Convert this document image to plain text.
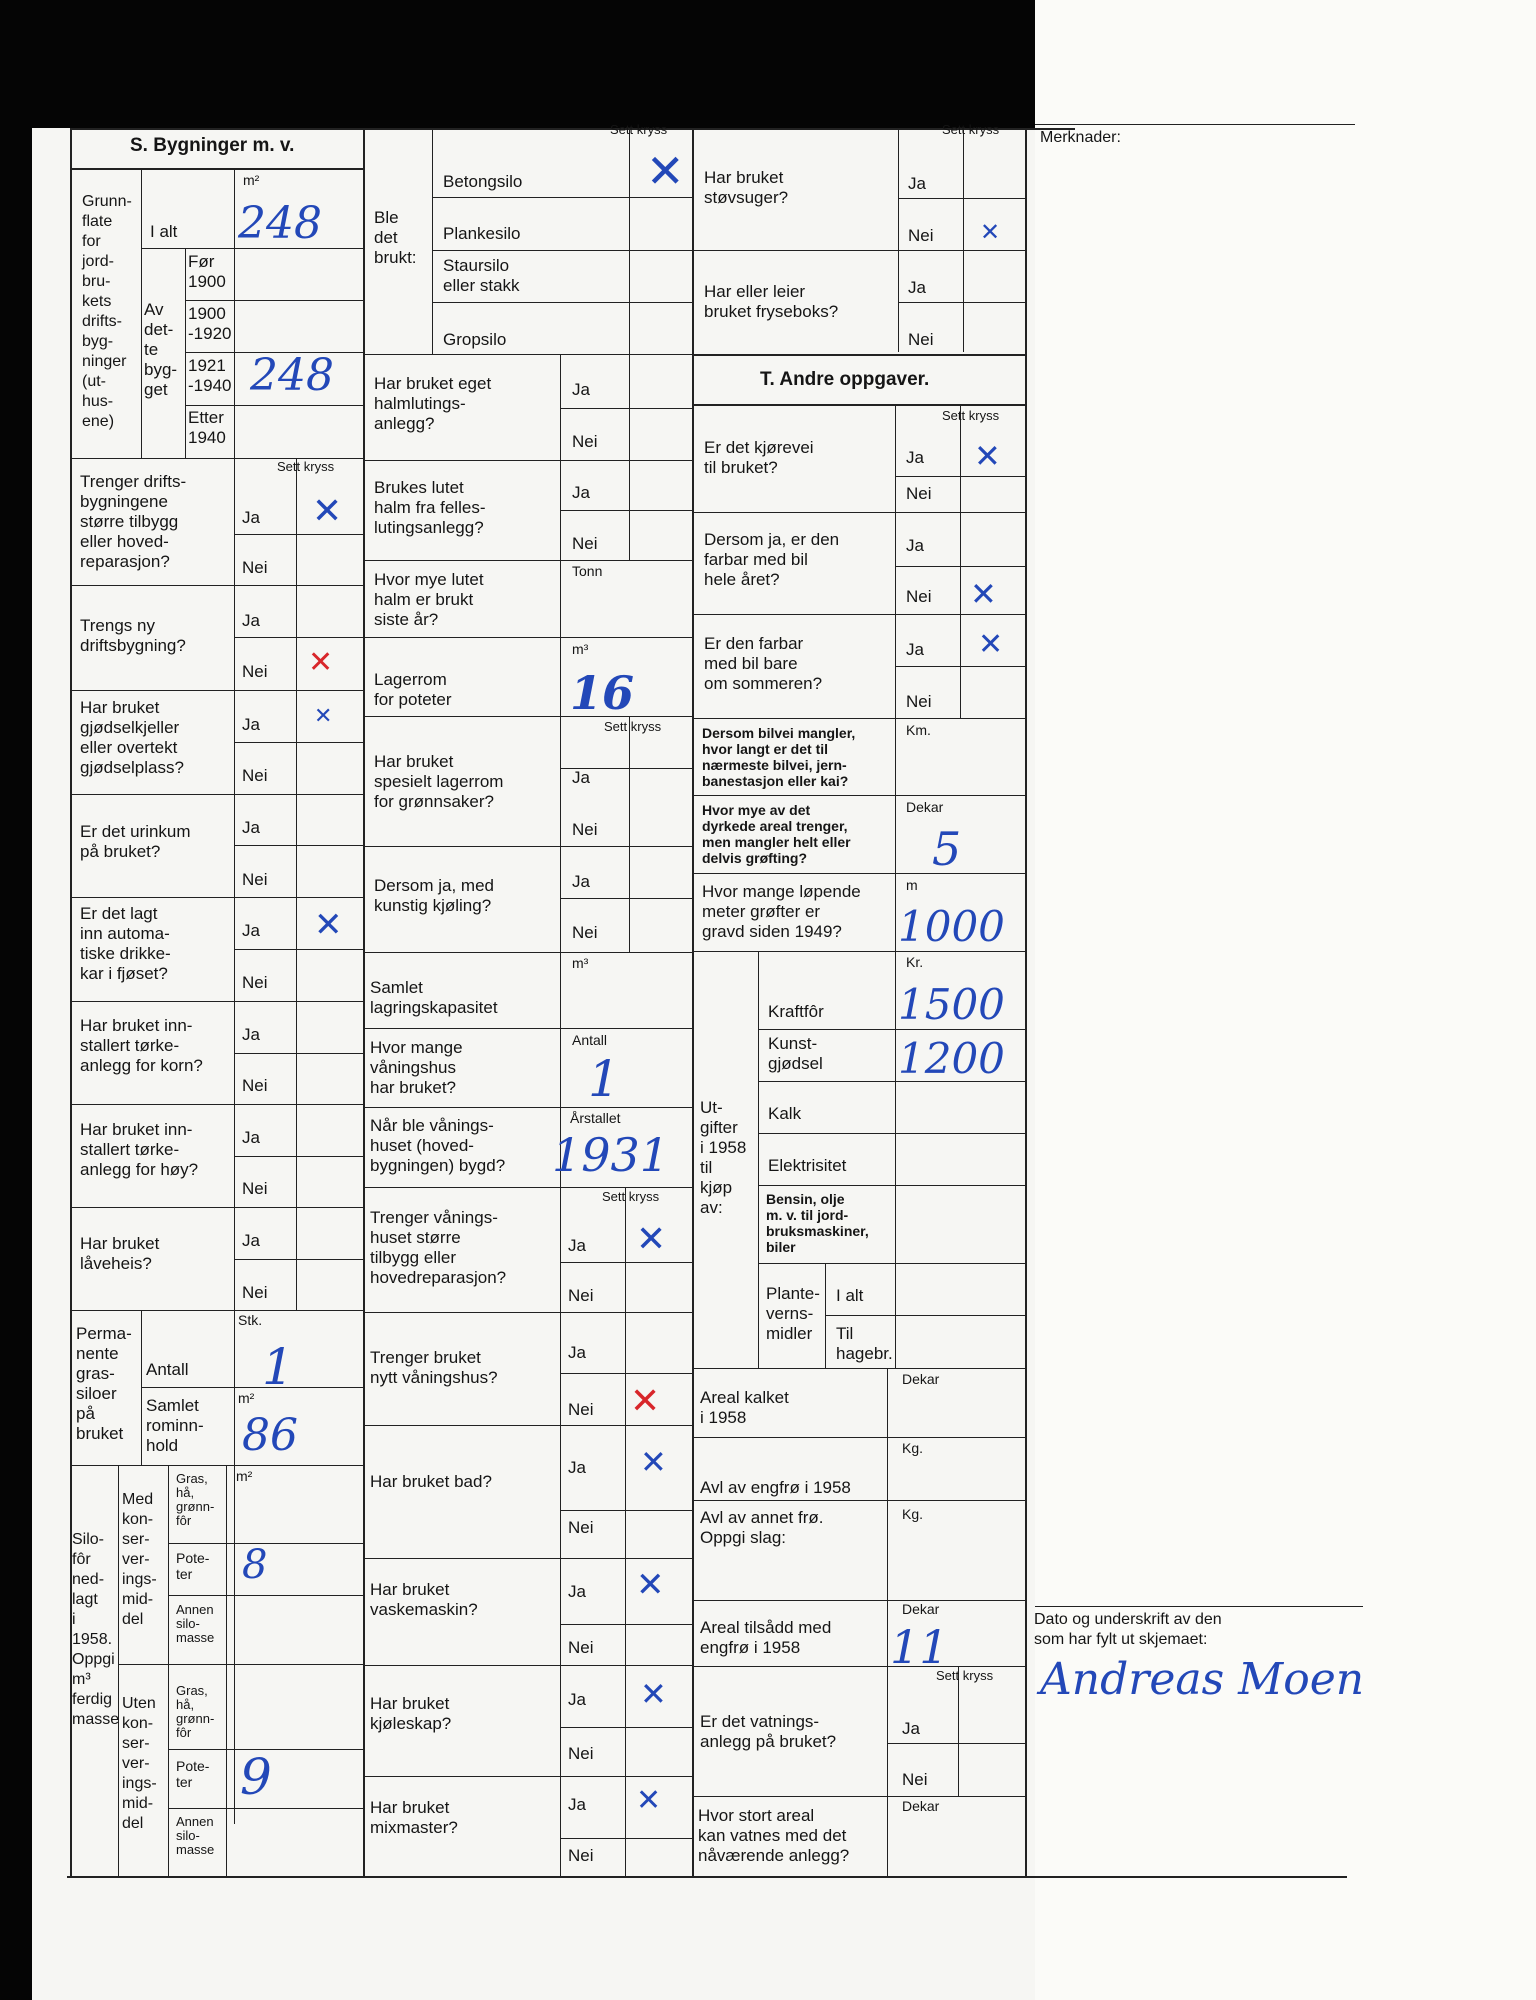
S. Bygninger m. v.
Grunn-
flate
for
jord-
bru-
kets
drifts-
byg-
ninger
(ut-
hus-
ene)
m²
I alt 248
Av
det-
te
byg-
get
Før
1900
1900
-1920
1921
-1940 248
Etter
1940
Sett kryss
Trenger drifts-
bygningene
større tilbygg
eller hoved-
reparasjon?
Ja
Nei
Trengs ny
driftsbygning?
Ja
Nei
Har bruket
gjødselkjeller
eller overtekt
gjødselplass?
Ja
Nei
Er det urinkum
på bruket?
Ja
Nei
Er det lagt
inn automa-
tiske drikke-
kar i fjøset?
Ja
Nei
Har bruket inn-
stallert tørke-
anlegg for korn?
Ja
Nei
Har bruket inn-
stallert tørke-
anlegg for høy?
Ja
Nei
Har bruket
låveheis?
Ja
Nei
Perma-
nente
gras-
siloer
på
bruket
Antall
Stk.
1
Samlet
rominn-
hold
m²
86
Silo-
fôr
ned-
lagt
i
1958.
Oppgi
m³
ferdig
masse
Med
kon-
ser-
ver-
ings-
mid-
del
Uten
kon-
ser-
ver-
ings-
mid-
del
Gras,
hå,
grønn-
fôr
Pote-
ter
Annen
silo-
masse
m²
8
Gras,
hå,
grønn-
fôr
Pote-
ter
Annen
silo-
masse
9
Sett kryss
Ble
det
brukt:
Betongsilo
Plankesilo
Staursilo
eller stakk
Gropsilo
Har bruket eget
halmlutings-
anlegg?
Ja
Nei
Brukes lutet
halm fra felles-
lutingsanlegg?
Ja
Nei
Hvor mye lutet
halm er brukt
siste år?
Tonn
Lagerrom
for poteter
m³
16
Sett kryss
Har bruket
spesielt lagerrom
for grønnsaker?
Ja
Nei
Dersom ja, med
kunstig kjøling?
Ja
Nei
Samlet
lagringskapasitet
m³
Hvor mange
våningshus
har bruket?
Antall
1
Når ble vånings-
huset (hoved-
bygningen) bygd?
Årstallet
1931
Sett kryss
Trenger vånings-
huset større
tilbygg eller
hovedreparasjon?
Ja
Nei
Trenger bruket
nytt våningshus?
Ja
Nei
Har bruket bad?
Ja
Nei
Har bruket
vaskemaskin?
Ja
Nei
Har bruket
kjøleskap?
Ja
Nei
Har bruket
mixmaster?
Ja
Nei
Sett kryss
Har bruket
støvsuger?
Ja
Nei
Har eller leier
bruket fryseboks?
Ja
Nei
T. Andre oppgaver.
Sett kryss
Er det kjørevei
til bruket?
Ja
Nei
Dersom ja, er den
farbar med bil
hele året?
Ja
Nei
Er den farbar
med bil bare
om sommeren?
Ja
Nei
Dersom bilvei mangler,
hvor langt er det til
nærmeste bilvei, jern-
banestasjon eller kai?
Km.
Hvor mye av det
dyrkede areal trenger,
men mangler helt eller
delvis grøfting?
Dekar
5
Hvor mange løpende
meter grøfter er
gravd siden 1949?
m
1000
Ut-
gifter
i 1958
til
kjøp
av:
Kr.
Kraftfôr 1500
Kunst-
gjødsel 1200
Kalk
Elektrisitet
Bensin, olje
m. v. til jord-
bruksmaskiner,
biler
Plante-
verns-
midler
I alt
Til
hagebr.
Areal kalket
i 1958
Dekar
Avl av engfrø i 1958
Kg.
Avl av annet frø.
Oppgi slag:
Kg.
Areal tilsådd med
engfrø i 1958
Dekar
11
Sett kryss
Er det vatnings-
anlegg på bruket?
Ja
Nei
Hvor stort areal
kan vatnes med det
nåværende anlegg?
Dekar
Merknader:
Dato og underskrift av den
som har fylt ut skjemaet:
Andreas Moen
✕
✕
✕
✕
✕
✕
✕
✕
✕
✕
✕
✕
✕
✕
✕
